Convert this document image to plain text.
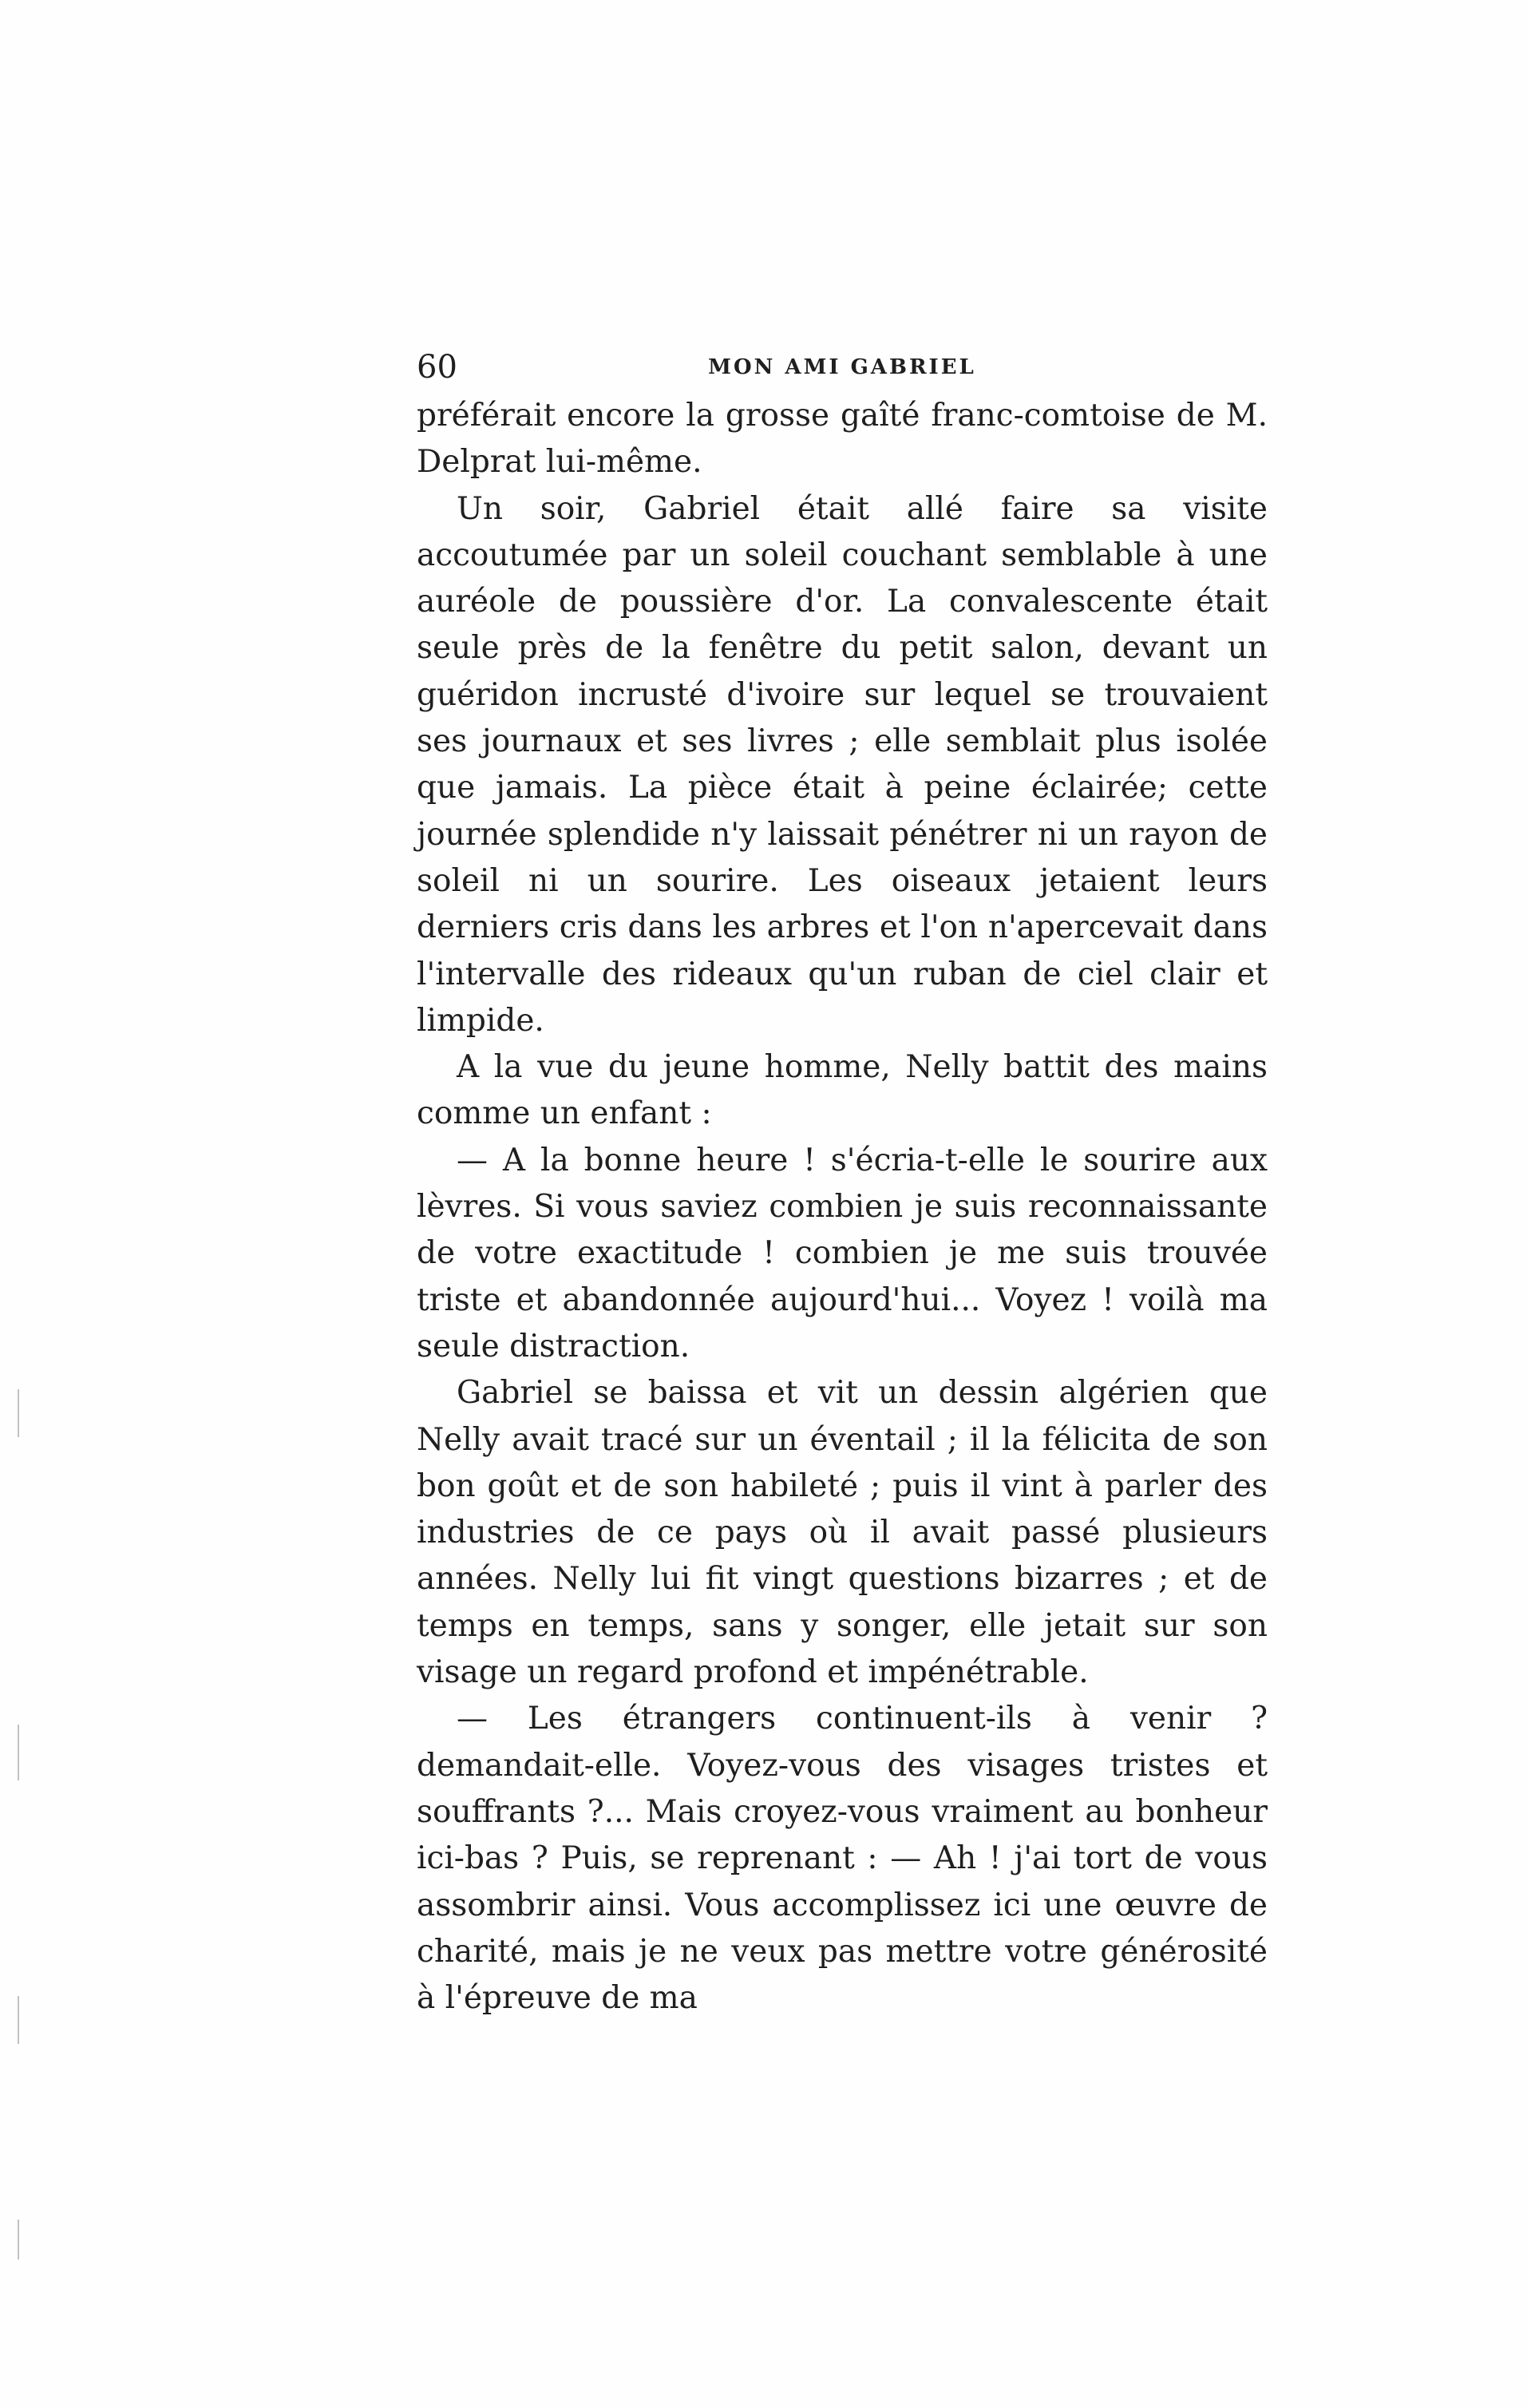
60	MON AMI GABRIEL

préférait encore la grosse gaîté franc-comtoise de M. Delprat lui-même.

Un soir, Gabriel était allé faire sa visite accoutumée par un soleil couchant semblable à une auréole de poussière d'or. La convalescente était seule près de la fenêtre du petit salon, devant un guéridon incrusté d'ivoire sur lequel se trouvaient ses journaux et ses livres ; elle semblait plus isolée que jamais. La pièce était à peine éclairée; cette journée splendide n'y laissait pénétrer ni un rayon de soleil ni un sourire. Les oiseaux jetaient leurs derniers cris dans les arbres et l'on n'apercevait dans l'intervalle des rideaux qu'un ruban de ciel clair et limpide.

A la vue du jeune homme, Nelly battit des mains comme un enfant :

— A la bonne heure ! s'écria-t-elle le sourire aux lèvres. Si vous saviez combien je suis reconnaissante de votre exactitude ! combien je me suis trouvée triste et abandonnée aujourd'hui... Voyez ! voilà ma seule distraction.

Gabriel se baissa et vit un dessin algérien que Nelly avait tracé sur un éventail ; il la félicita de son bon goût et de son habileté ; puis il vint à parler des industries de ce pays où il avait passé plusieurs années. Nelly lui fit vingt questions bizarres ; et de temps en temps, sans y songer, elle jetait sur son visage un regard profond et impénétrable.

— Les étrangers continuent-ils à venir ? demandait-elle. Voyez-vous des visages tristes et souffrants ?... Mais croyez-vous vraiment au bonheur ici-bas ? Puis, se reprenant : — Ah ! j'ai tort de vous assombrir ainsi. Vous accomplissez ici une œuvre de charité, mais je ne veux pas mettre votre générosité à l'épreuve de ma
